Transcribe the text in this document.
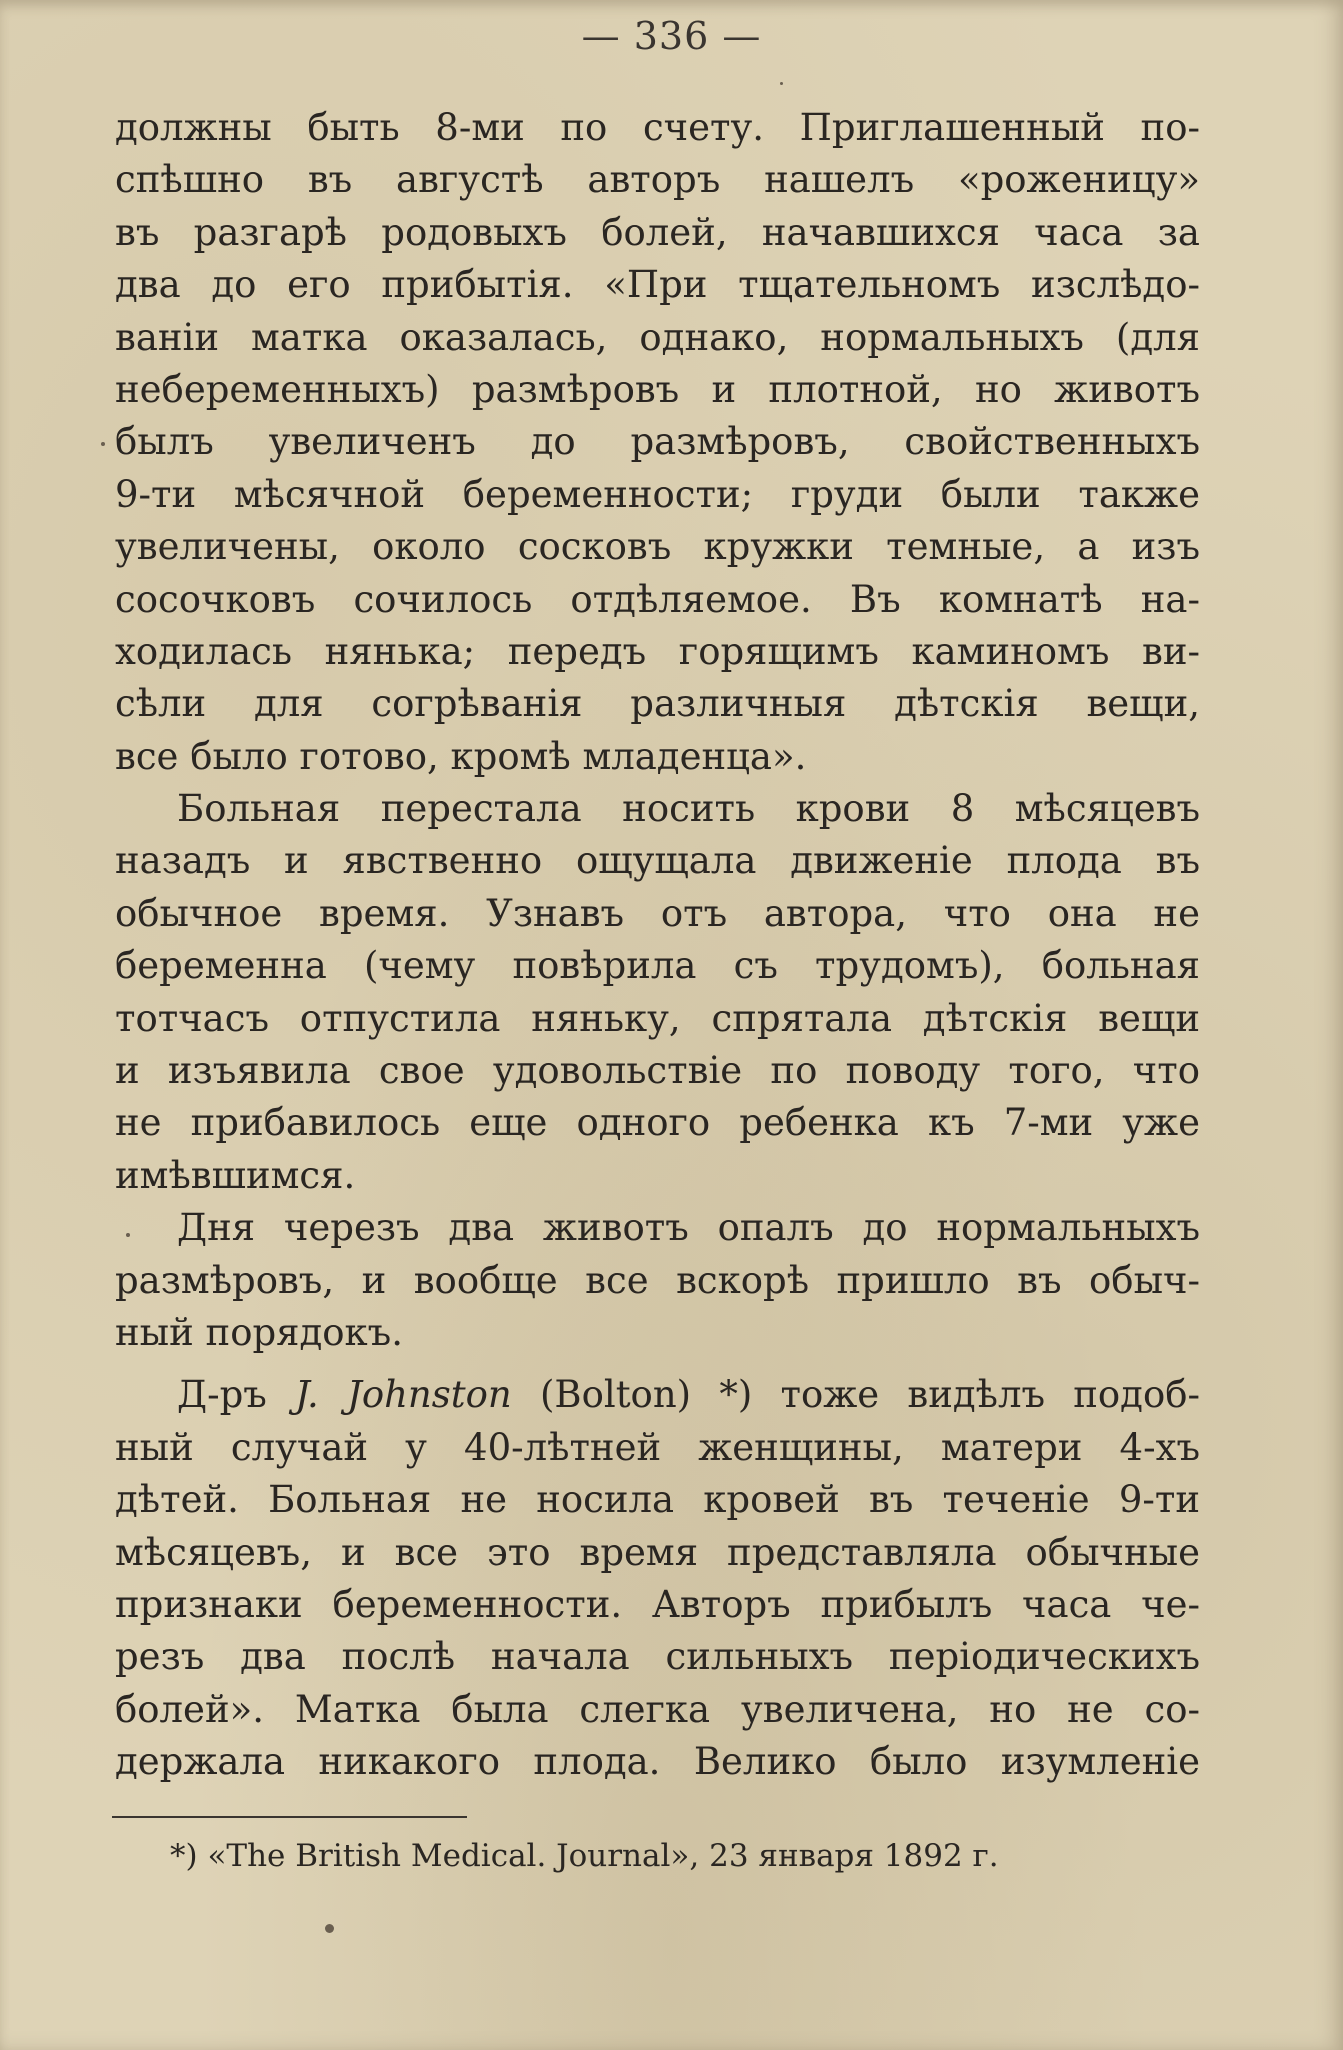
— 336 —
должны быть 8-ми по счету. Приглашенный по-
спѣшно въ августѣ авторъ нашелъ «роженицу»
въ разгарѣ родовыхъ болей, начавшихся часа за
два до его прибытія. «При тщательномъ изслѣдо-
ваніи матка оказалась, однако, нормальныхъ (для
небеременныхъ) размѣровъ и плотной, но животъ
былъ увеличенъ до размѣровъ, свойственныхъ
9-ти мѣсячной беременности; груди были также
увеличены, около сосковъ кружки темные, а изъ
сосочковъ сочилось отдѣляемое. Въ комнатѣ на-
ходилась нянька; передъ горящимъ каминомъ ви-
сѣли для согрѣванія различныя дѣтскія вещи,
все было готово, кромѣ младенца».
Больная перестала носить крови 8 мѣсяцевъ
назадъ и явственно ощущала движеніе плода въ
обычное время. Узнавъ отъ автора, что она не
беременна (чему повѣрила съ трудомъ), больная
тотчасъ отпустила няньку, спрятала дѣтскія вещи
и изъявила свое удовольствіе по поводу того, что
не прибавилось еще одного ребенка къ 7-ми уже
имѣвшимся.
Дня черезъ два животъ опалъ до нормальныхъ
размѣровъ, и вообще все вскорѣ пришло въ обыч-
ный порядокъ.
Д-ръ J. Johnston (Bolton) *) тоже видѣлъ подоб-
ный случай у 40-лѣтней женщины, матери 4-хъ
дѣтей. Больная не носила кровей въ теченіе 9-ти
мѣсяцевъ, и все это время представляла обычные
признаки беременности. Авторъ прибылъ часа че-
резъ два послѣ начала сильныхъ періодическихъ
болей». Матка была слегка увеличена, но не со-
держала никакого плода. Велико было изумленіе
*) «The British Medical. Journal», 23 января 1892 г.
